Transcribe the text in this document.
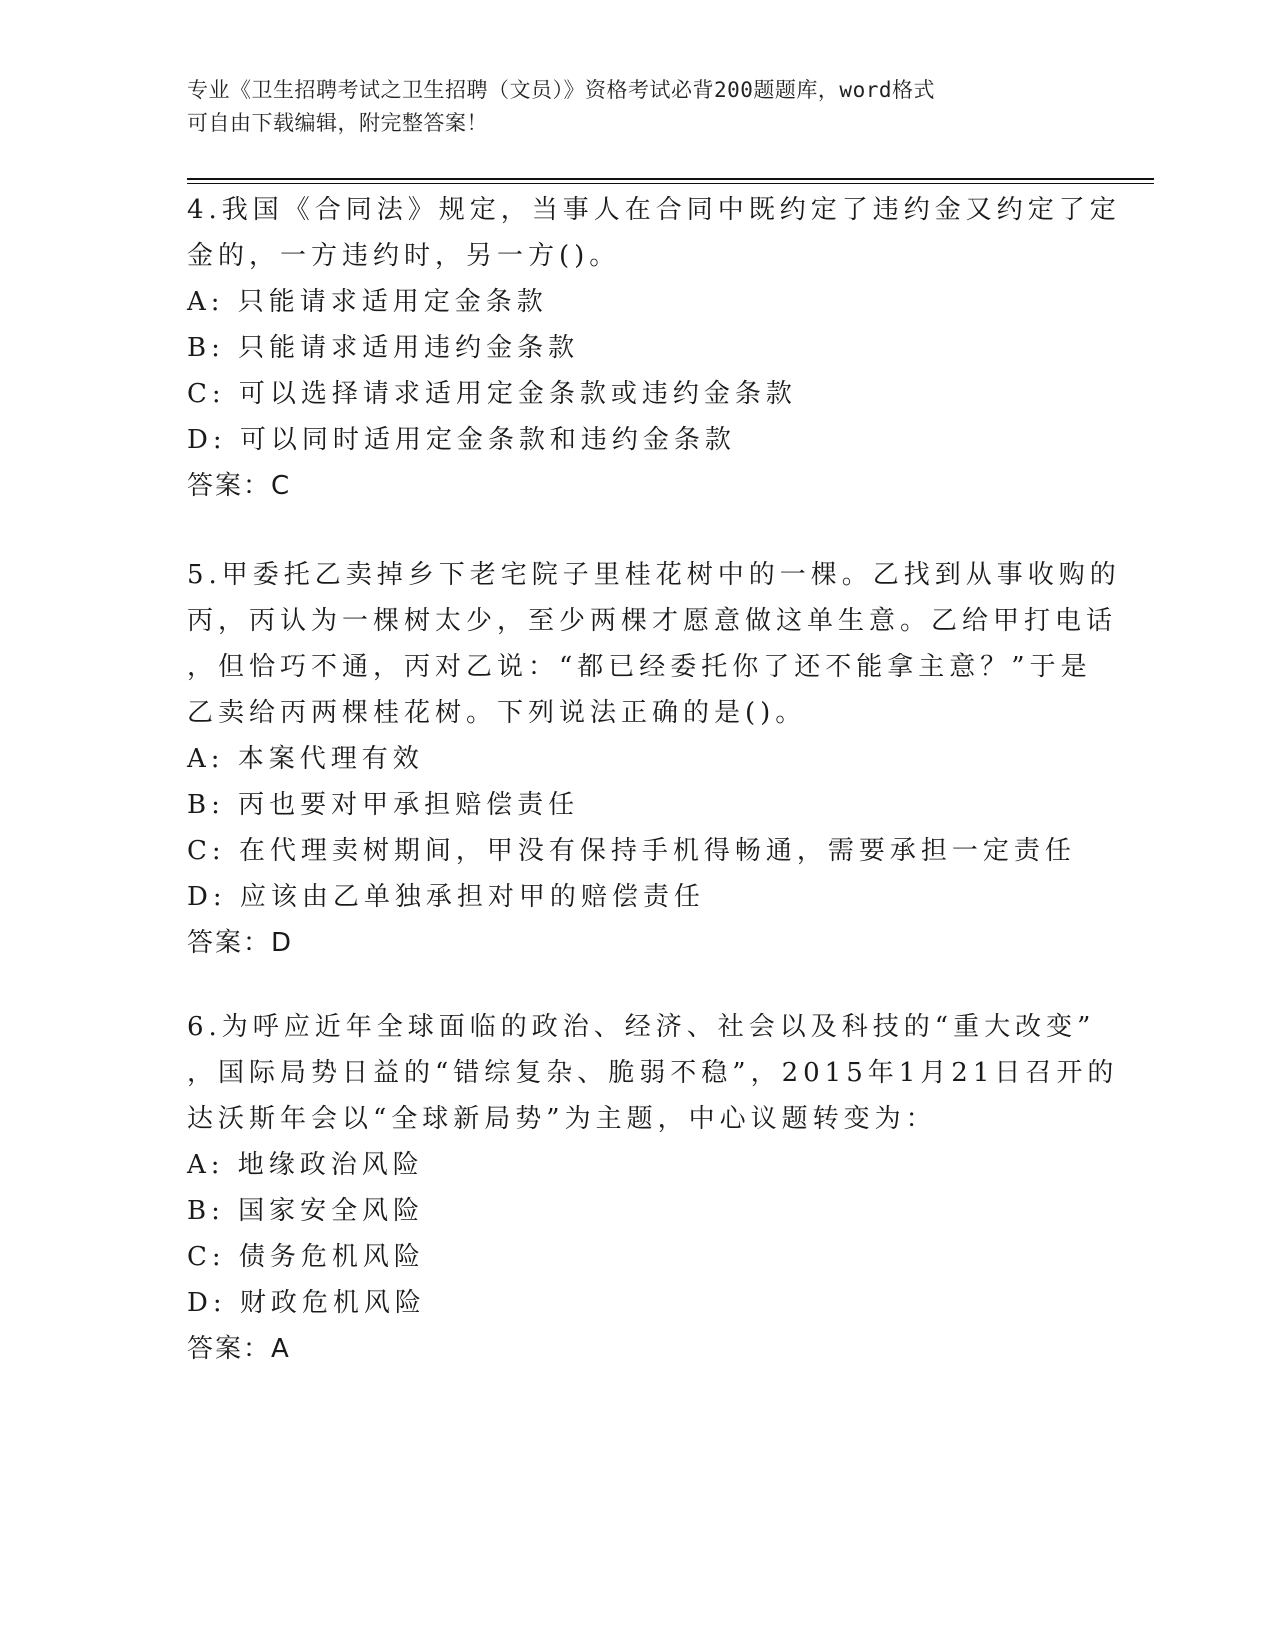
专业《卫生招聘考试之卫生招聘（文员）》资格考试必背200题题库，word格式
可自由下载编辑，附完整答案！
4.我国《合同法》规定，当事人在合同中既约定了违约金又约定了定
金的，一方违约时，另一方()。
A: 只能请求适用定金条款
B: 只能请求适用违约金条款
C: 可以选择请求适用定金条款或违约金条款
D: 可以同时适用定金条款和违约金条款
答案：C
5.甲委托乙卖掉乡下老宅院子里桂花树中的一棵。乙找到从事收购的
丙，丙认为一棵树太少，至少两棵才愿意做这单生意。乙给甲打电话
，但恰巧不通，丙对乙说：“都已经委托你了还不能拿主意？”于是
乙卖给丙两棵桂花树。下列说法正确的是()。
A: 本案代理有效
B: 丙也要对甲承担赔偿责任
C: 在代理卖树期间，甲没有保持手机得畅通，需要承担一定责任
D: 应该由乙单独承担对甲的赔偿责任
答案：D
6.为呼应近年全球面临的政治、经济、社会以及科技的“重大改变”
，国际局势日益的“错综复杂、脆弱不稳”，2015年1月21日召开的
达沃斯年会以“全球新局势”为主题，中心议题转变为：
A: 地缘政治风险
B: 国家安全风险
C: 债务危机风险
D: 财政危机风险
答案：A
